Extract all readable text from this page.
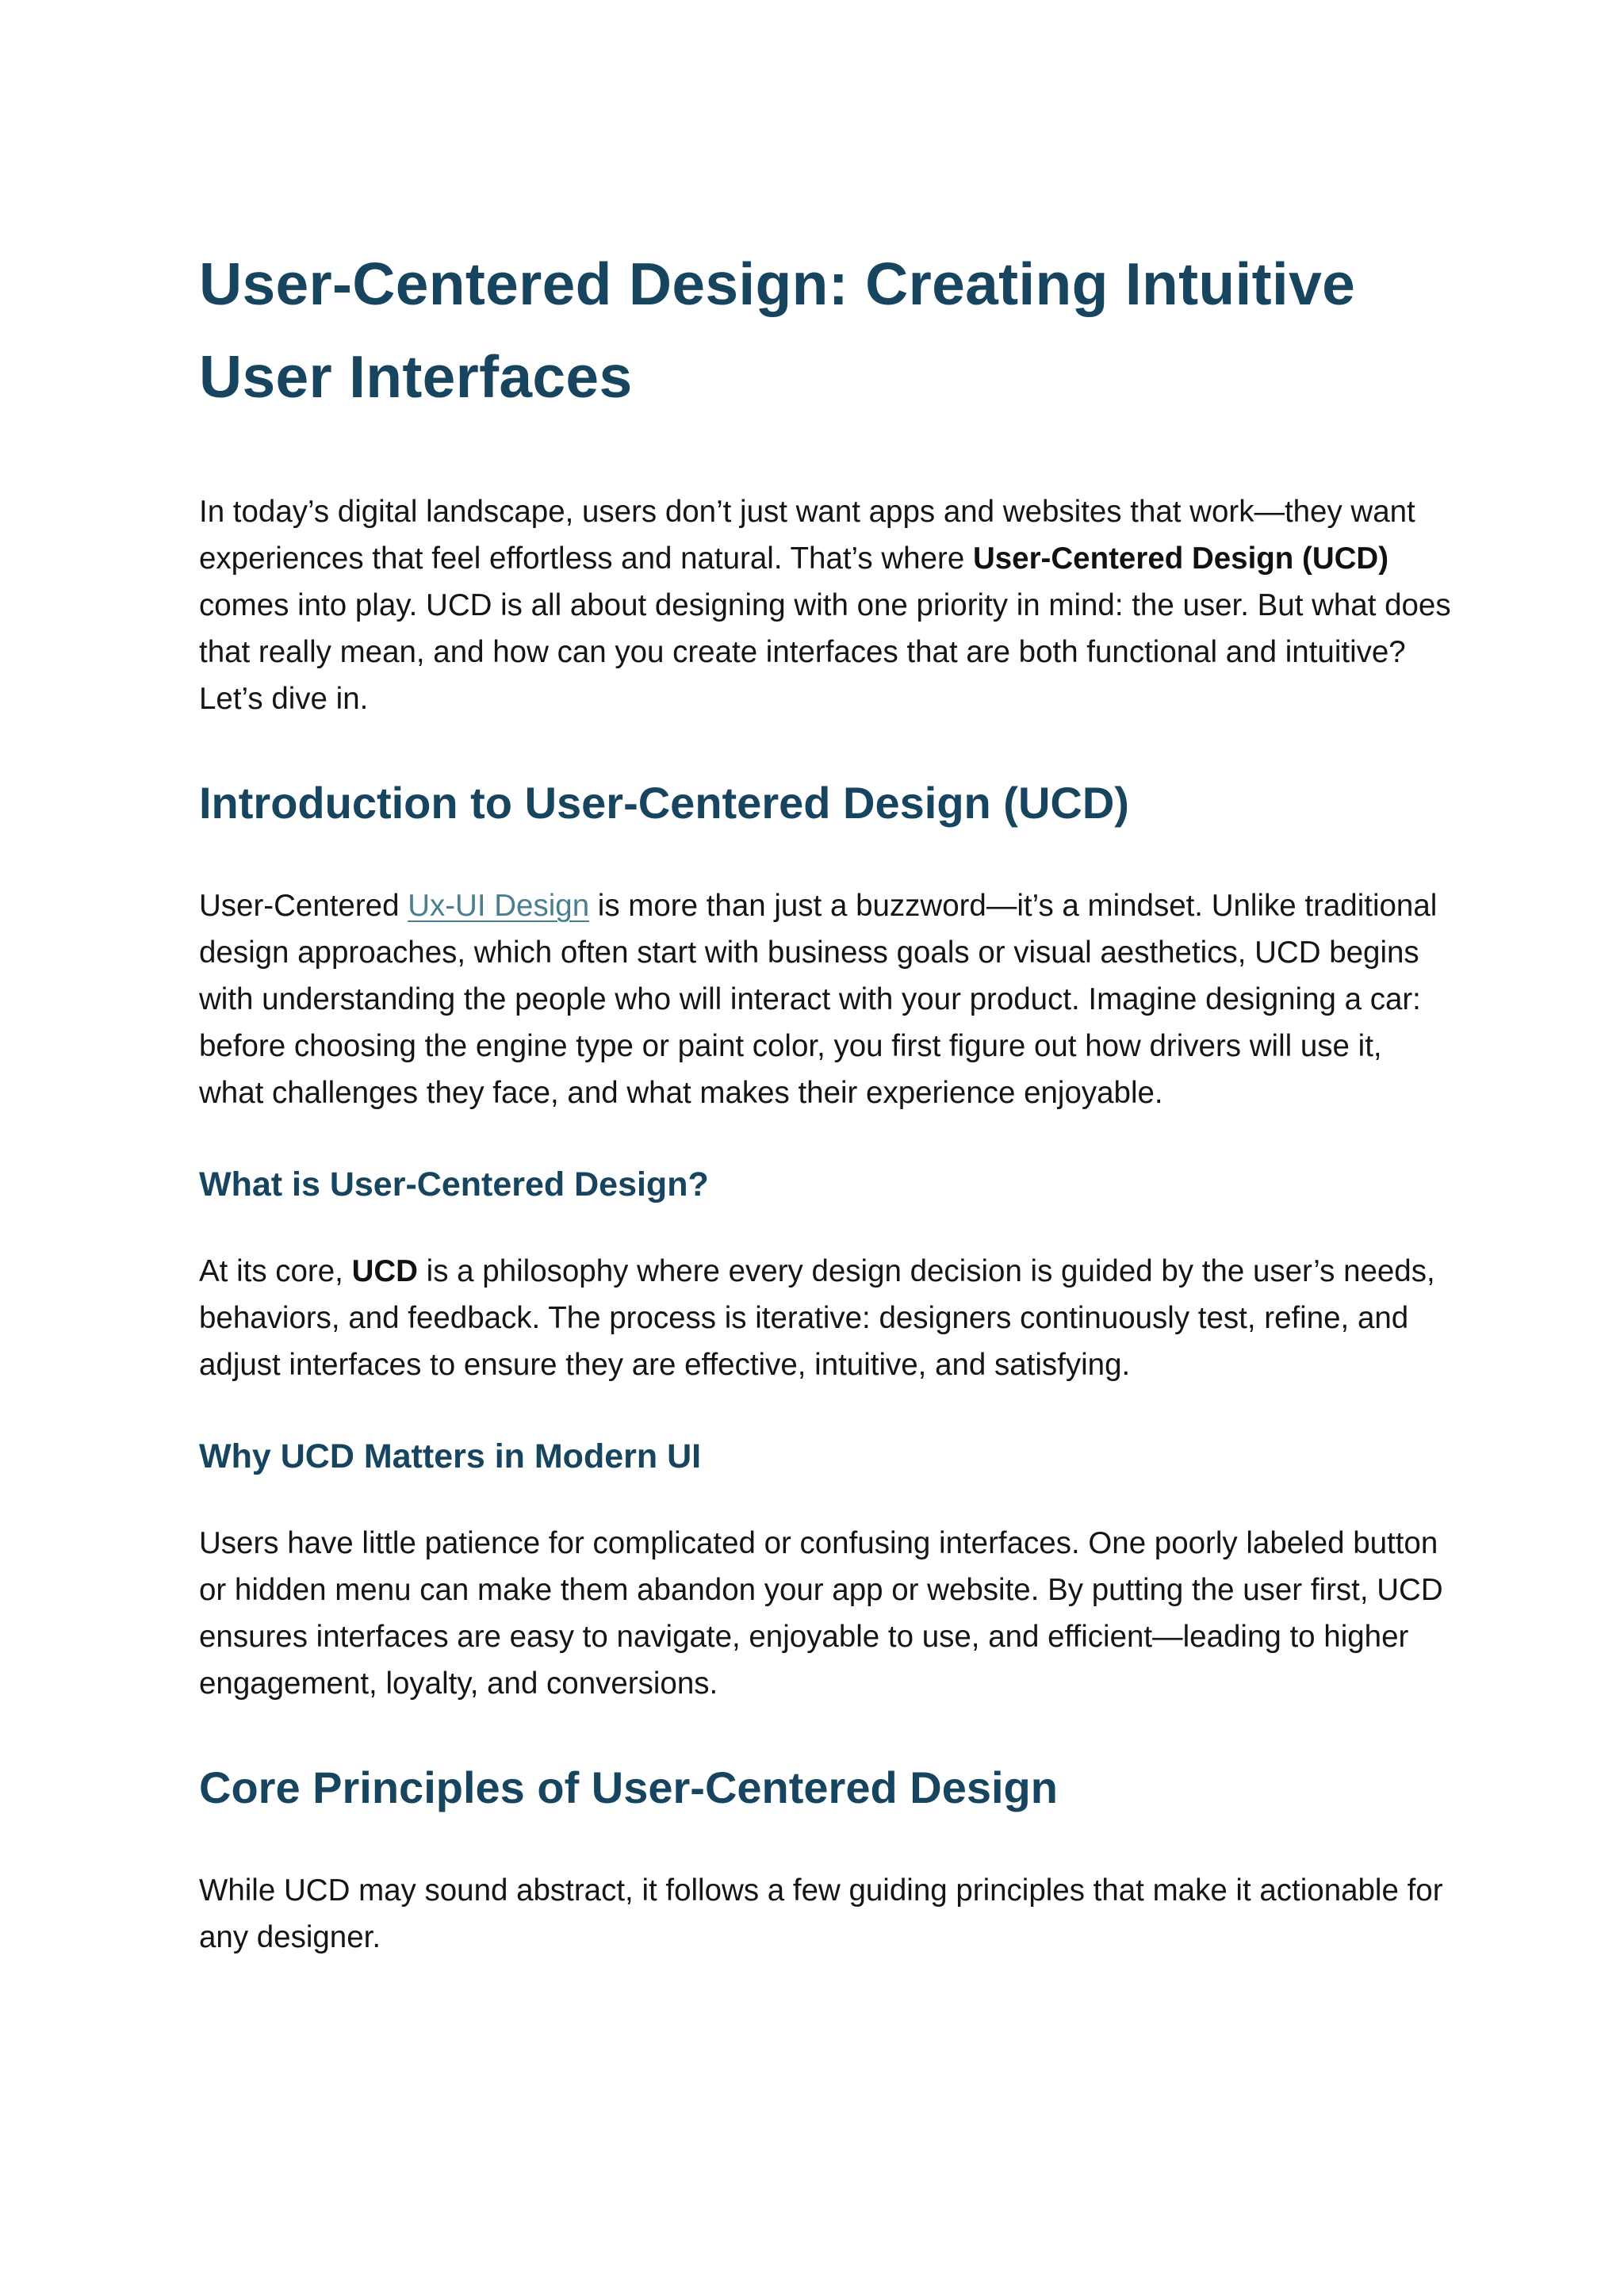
User-Centered Design: Creating Intuitive User Interfaces

In today’s digital landscape, users don’t just want apps and websites that work—they want experiences that feel effortless and natural. That’s where User-Centered Design (UCD) comes into play. UCD is all about designing with one priority in mind: the user. But what does that really mean, and how can you create interfaces that are both functional and intuitive? Let’s dive in.

Introduction to User-Centered Design (UCD)

User-Centered Ux-UI Design is more than just a buzzword—it’s a mindset. Unlike traditional design approaches, which often start with business goals or visual aesthetics, UCD begins with understanding the people who will interact with your product. Imagine designing a car: before choosing the engine type or paint color, you first figure out how drivers will use it, what challenges they face, and what makes their experience enjoyable.

What is User-Centered Design?

At its core, UCD is a philosophy where every design decision is guided by the user’s needs, behaviors, and feedback. The process is iterative: designers continuously test, refine, and adjust interfaces to ensure they are effective, intuitive, and satisfying.

Why UCD Matters in Modern UI

Users have little patience for complicated or confusing interfaces. One poorly labeled button or hidden menu can make them abandon your app or website. By putting the user first, UCD ensures interfaces are easy to navigate, enjoyable to use, and efficient—leading to higher engagement, loyalty, and conversions.

Core Principles of User-Centered Design

While UCD may sound abstract, it follows a few guiding principles that make it actionable for any designer.
